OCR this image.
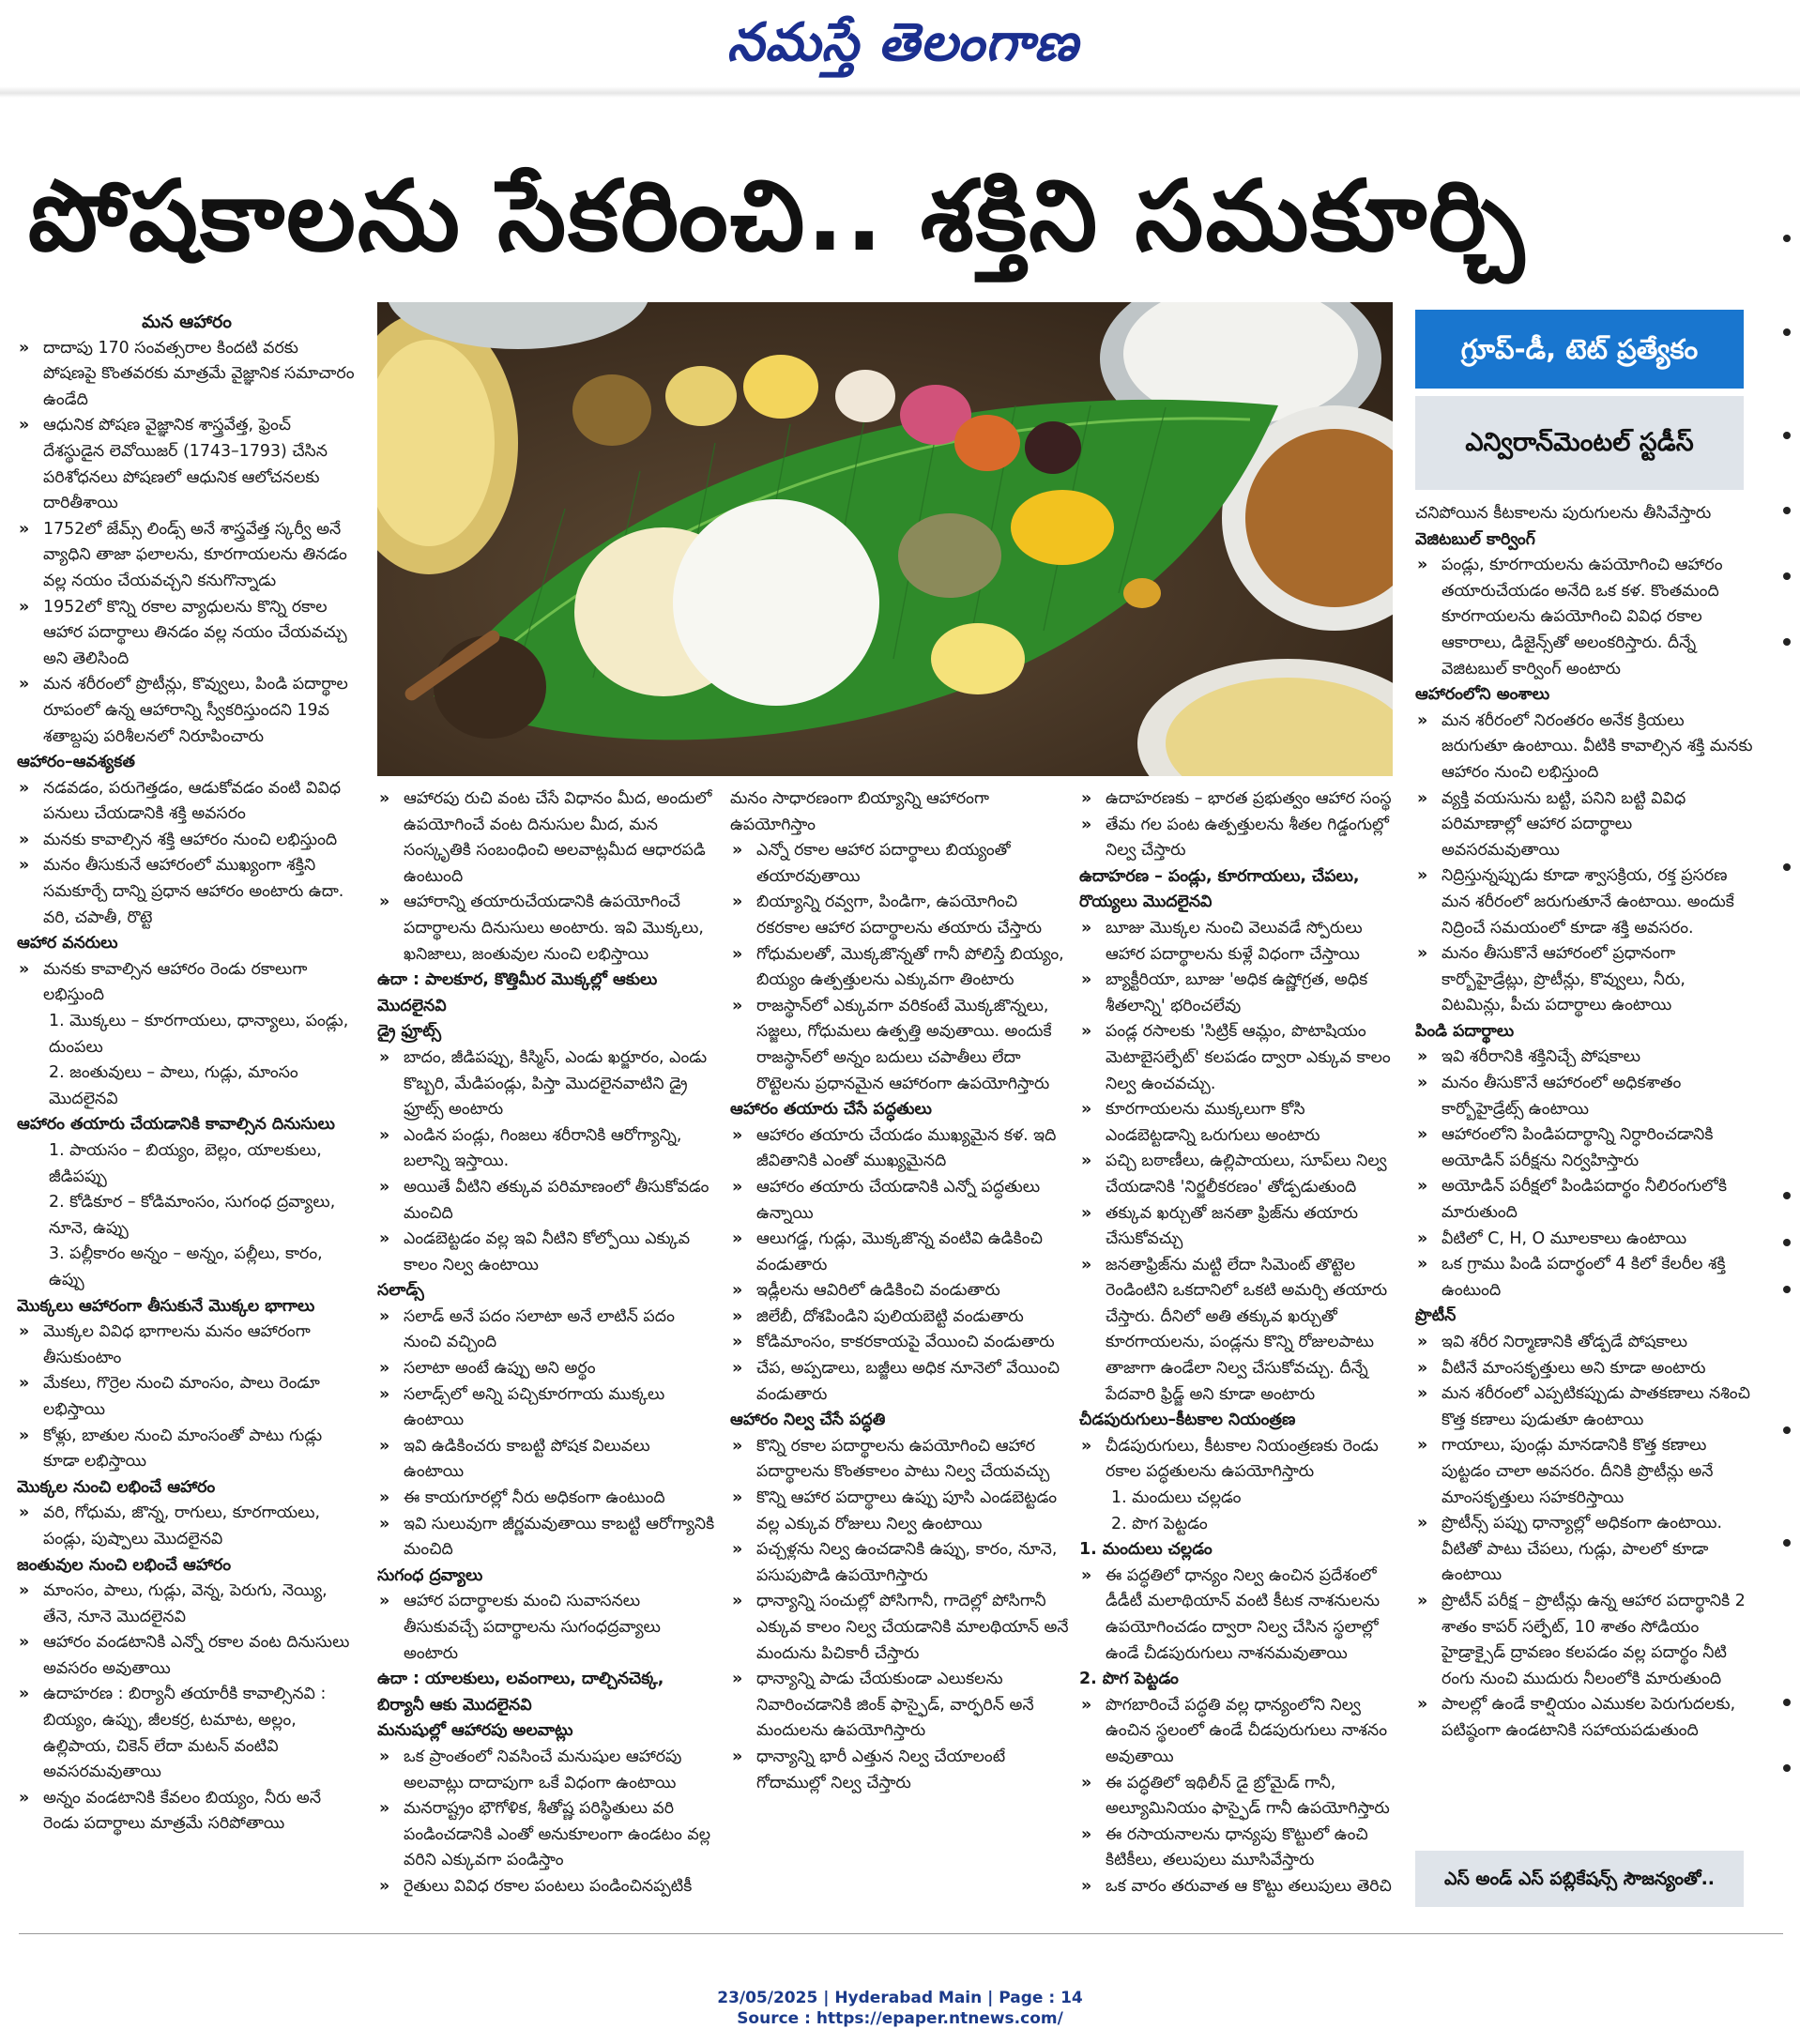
నమస్తే తెలంగాణ
పోషకాలను సేకరించి.. శక్తిని సమకూర్చి
గ్రూప్‌-డీ, టెట్‌ ప్రత్యేకం
ఎన్విరాన్‌మెంటల్‌ స్టడీస్‌

మన ఆహారం

» దాదాపు 170 సంవత్సరాల కిందటి వరకు పోషణపై కొంతవరకు మాత్రమే వైజ్ఞానిక సమాచారం ఉండేది

» ఆధునిక పోషణ వైజ్ఞానిక శాస్త్రవేత్త, ఫ్రెంచ్‌ దేశస్థుడైన లెవోయిజర్‌ (1743–1793) చేసిన పరిశోధనలు పోషణలో ఆధునిక ఆలోచనలకు దారితీశాయి

» 1752లో జేమ్స్‌ లిండ్స్‌ అనే శాస్త్రవేత్త స్కర్వీ అనే వ్యాధిని తాజా ఫలాలను, కూరగాయలను తినడం వల్ల నయం చేయవచ్చని కనుగొన్నాడు

» 1952లో కొన్ని రకాల వ్యాధులను కొన్ని రకాల ఆహార పదార్థాలు తినడం వల్ల నయం చేయవచ్చు అని తెలిసింది

» మన శరీరంలో ప్రొటీన్లు, కొవ్వులు, పిండి పదార్థాల రూపంలో ఉన్న ఆహారాన్ని స్వీకరిస్తుందని 19వ శతాబ్దపు పరిశీలనలో నిరూపించారు

ఆహారం–ఆవశ్యకత

» నడవడం, పరుగెత్తడం, ఆడుకోవడం వంటి వివిధ పనులు చేయడానికి శక్తి అవసరం

» మనకు కావాల్సిన శక్తి ఆహారం నుంచి లభిస్తుంది

» మనం తీసుకునే ఆహారంలో ముఖ్యంగా శక్తిని సమకూర్చే దాన్ని ప్రధాన ఆహారం అంటారు ఉదా. వరి, చపాతీ, రొట్టె

ఆహార వనరులు

» మనకు కావాల్సిన ఆహారం రెండు రకాలుగా లభిస్తుంది

1. మొక్కలు – కూరగాయలు, ధాన్యాలు, పండ్లు, దుంపలు

2. జంతువులు – పాలు, గుడ్లు, మాంసం మొదలైనవి

ఆహారం తయారు చేయడానికి కావాల్సిన దినుసులు

1. పాయసం – బియ్యం, బెల్లం, యాలకులు, జీడిపప్పు

2. కోడికూర – కోడిమాంసం, సుగంధ ద్రవ్యాలు, నూనె, ఉప్పు

3. పల్లీకారం అన్నం – అన్నం, పల్లీలు, కారం, ఉప్పు

మొక్కలు ఆహారంగా తీసుకునే మొక్కల భాగాలు

» మొక్కల వివిధ భాగాలను మనం ఆహారంగా తీసుకుంటాం

» మేకలు, గొర్రెల నుంచి మాంసం, పాలు రెండూ లభిస్తాయి

» కోళ్లు, బాతుల నుంచి మాంసంతో పాటు గుడ్లు కూడా లభిస్తాయి

మొక్కల నుంచి లభించే ఆహారం

» వరి, గోధుమ, జొన్న, రాగులు, కూరగాయలు, పండ్లు, పుష్పాలు మొదలైనవి

జంతువుల నుంచి లభించే ఆహారం

» మాంసం, పాలు, గుడ్లు, వెన్న, పెరుగు, నెయ్యి, తేనె, నూనె మొదలైనవి

» ఆహారం వండటానికి ఎన్నో రకాల వంట దినుసులు అవసరం అవుతాయి

» ఉదాహరణ : బిర్యానీ తయారీకి కావాల్సినవి : బియ్యం, ఉప్పు, జీలకర్ర, టమాట, అల్లం, ఉల్లిపాయ, చికెన్‌ లేదా మటన్‌ వంటివి అవసరమవుతాయి

» అన్నం వండటానికి కేవలం బియ్యం, నీరు అనే రెండు పదార్థాలు మాత్రమే సరిపోతాయి

» ఆహారపు రుచి వంట చేసే విధానం మీద, అందులో ఉపయోగించే వంట దినుసుల మీద, మన సంస్కృతికి సంబంధించి అలవాట్లమీద ఆధారపడి ఉంటుంది

» ఆహారాన్ని తయారుచేయడానికి ఉపయోగించే పదార్థాలను దినుసులు అంటారు. ఇవి మొక్కలు, ఖనిజాలు, జంతువుల నుంచి లభిస్తాయి

ఉదా : పాలకూర, కొత్తిమీర మొక్కల్లో ఆకులు మొదలైనవి

డ్రై ఫ్రూట్స్‌

» బాదం, జీడిపప్పు, కిస్మిస్‌, ఎండు ఖర్జూరం, ఎండు కొబ్బరి, మేడిపండ్లు, పిస్తా మొదలైనవాటిని డ్రై ఫ్రూట్స్‌ అంటారు

» ఎండిన పండ్లు, గింజలు శరీరానికి ఆరోగ్యాన్ని, బలాన్ని ఇస్తాయి.

» అయితే వీటిని తక్కువ పరిమాణంలో తీసుకోవడం మంచిది

» ఎండబెట్టడం వల్ల ఇవి నీటిని కోల్పోయి ఎక్కువ కాలం నిల్వ ఉంటాయి

సలాడ్స్‌

» సలాడ్‌ అనే పదం సలాటా అనే లాటిన్‌ పదం నుంచి వచ్చింది

» సలాటా అంటే ఉప్పు అని అర్థం

» సలాడ్స్‌లో అన్ని పచ్చికూరగాయ ముక్కలు ఉంటాయి

» ఇవి ఉడికించరు కాబట్టి పోషక విలువలు ఉంటాయి

» ఈ కాయగూరల్లో నీరు అధికంగా ఉంటుంది

» ఇవి సులువుగా జీర్ణమవుతాయి కాబట్టి ఆరోగ్యానికి మంచిది

సుగంధ ద్రవ్యాలు

» ఆహార పదార్థాలకు మంచి సువాసనలు తీసుకువచ్చే పదార్థాలను సుగంధద్రవ్యాలు అంటారు

ఉదా : యాలకులు, లవంగాలు, దాల్చిన‌చెక్క, బిర్యానీ ఆకు మొదలైనవి

మనుషుల్లో ఆహారపు అలవాట్లు

» ఒక ప్రాంతంలో నివసించే మనుషుల ఆహారపు అలవాట్లు దాదాపుగా ఒకే విధంగా ఉంటాయి

» మనరాష్ట్రం భౌగోళిక, శీతోష్ణ పరిస్థితులు వరి పండించడానికి ఎంతో అనుకూలంగా ఉండటం వల్ల వరిని ఎక్కువగా పండిస్తాం

» రైతులు వివిధ రకాల పంటలు పండించినప్పటికీ

మనం సాధారణంగా బియ్యాన్ని ఆహారంగా ఉపయోగిస్తాం

» ఎన్నో రకాల ఆహార పదార్థాలు బియ్యంతో తయారవుతాయి

» బియ్యాన్ని రవ్వగా, పిండిగా, ఉపయోగించి రకరకాల ఆహార పదార్థాలను తయారు చేస్తారు

» గోధుమలతో, మొక్కజొన్నతో గానీ పోలిస్తే బియ్యం, బియ్యం ఉత్పత్తులను ఎక్కువగా తింటారు

» రాజస్థాన్‌లో ఎక్కువగా వరికంటే మొక్కజొన్నలు, సజ్జలు, గోధుమలు ఉత్పత్తి అవుతాయి. అందుకే రాజస్థాన్‌లో అన్నం బదులు చపాతీలు లేదా రొట్టెలను ప్రధానమైన ఆహారంగా ఉపయోగిస్తారు

ఆహారం తయారు చేసే పద్ధతులు

» ఆహారం తయారు చేయడం ముఖ్యమైన కళ. ఇది జీవితానికి ఎంతో ముఖ్యమైనది

» ఆహారం తయారు చేయడానికి ఎన్నో పద్ధతులు ఉన్నాయి

» ఆలుగడ్డ, గుడ్లు, మొక్కజొన్న వంటివి ఉడికించి వండుతారు

» ఇడ్లీలను ఆవిరిలో ఉడికించి వండుతారు

» జిలేబీ, దోశపిండిని పులియబెట్టి వండుతారు

» కోడిమాంసం, కాకరకాయపై వేయించి వండుతారు

» చేప, అప్పడాలు, బజ్జీలు అధిక నూనెలో వేయించి వండుతారు

ఆహారం నిల్వ చేసే పద్ధతి

» కొన్ని రకాల పదార్థాలను ఉపయోగించి ఆహార పదార్థాలను కొంతకాలం పాటు నిల్వ చేయవచ్చు

» కొన్ని ఆహార పదార్థాలు ఉప్పు పూసి ఎండబెట్టడం వల్ల ఎక్కువ రోజులు నిల్వ ఉంటాయి

» పచ్చళ్లను నిల్వ ఉంచడానికి ఉప్పు, కారం, నూనె, పసుపుపొడి ఉపయోగిస్తారు

» ధాన్యాన్ని సంచుల్లో పోసిగానీ, గాదెల్లో పోసిగానీ ఎక్కువ కాలం నిల్వ చేయడానికి మాలథియాన్‌ అనే మందును పిచికారీ చేస్తారు

» ధాన్యాన్ని పాడు చేయకుండా ఎలుకలను నివారించడానికి జింక్‌ ఫాస్ఫైడ్‌, వార్ఫరిన్‌ అనే మందులను ఉపయోగిస్తారు

» ధాన్యాన్ని భారీ ఎత్తున నిల్వ చేయాలంటే గోదాముల్లో నిల్వ చేస్తారు

» ఉదాహరణకు – భారత ప్రభుత్వం ఆహార సంస్థ

» తేమ గల పంట ఉత్పత్తులను శీతల గిడ్డంగుల్లో నిల్వ చేస్తారు

ఉదాహరణ – పండ్లు, కూరగాయలు, చేపలు, రొయ్యలు మొదలైనవి

» బూజు మొక్కల నుంచి వెలువడే స్పోరులు ఆహార పదార్థాలను కుళ్లే విధంగా చేస్తాయి

» బ్యాక్టీరియా, బూజు 'అధిక ఉష్ణోగ్రత, అధిక శీతలాన్ని' భరించలేవు

» పండ్ల రసాలకు 'సిట్రిక్‌ ఆమ్లం, పొటాషియం మెటాబైసల్ఫేట్‌' కలపడం ద్వారా ఎక్కువ కాలం నిల్వ ఉంచవచ్చు.

» కూరగాయలను ముక్కలుగా కోసి ఎండబెట్టడాన్ని ఒరుగులు అంటారు

» పచ్చి బఠాణీలు, ఉల్లిపాయలు, సూప్‌లు నిల్వ చేయడానికి 'నిర్జలీకరణం' తోడ్పడుతుంది

» తక్కువ ఖర్చుతో జనతా ఫ్రిజ్‌ను తయారు చేసుకోవచ్చు

» జనతాఫ్రిజ్‌ను మట్టి లేదా సిమెంట్‌ తొట్టెల రెండింటిని ఒకదానిలో ఒకటి అమర్చి తయారు చేస్తారు. దీనిలో అతి తక్కువ ఖర్చుతో కూరగాయలను, పండ్లను కొన్ని రోజులపాటు తాజాగా ఉండేలా నిల్వ చేసుకోవచ్చు. దీన్నే పేదవారి ఫ్రిడ్జ్‌ అని కూడా అంటారు

చీడపురుగులు–కీటకాల నియంత్రణ

» చీడపురుగులు, కీటకాల నియంత్రణకు రెండు రకాల పద్ధతులను ఉపయోగిస్తారు

1. మందులు చల్లడం

2. పొగ పెట్టడం

1. మందులు చల్లడం

» ఈ పద్ధతిలో ధాన్యం నిల్వ ఉంచిన ప్రదేశంలో డీడీటీ మలాథియాన్‌ వంటి కీటక నాశనులను ఉపయోగించడం ద్వారా నిల్వ చేసిన స్థలాల్లో ఉండే చీడపురుగులు నాశనమవుతాయి

2. పొగ పెట్టడం

» పొగబారించే పద్ధతి వల్ల ధాన్యంలోని నిల్వ ఉంచిన స్థలంలో ఉండే చీడపురుగులు నాశనం అవుతాయి

» ఈ పద్ధతిలో ఇథిలీన్‌ డై బ్రోమైడ్‌ గానీ, అల్యూమినియం ఫాస్ఫైడ్‌ గానీ ఉపయోగిస్తారు

» ఈ రసాయనాలను ధాన్యపు కొట్టులో ఉంచి కిటికీలు, తలుపులు మూసివేస్తారు

» ఒక వారం తరువాత ఆ కొట్టు తలుపులు తెరిచి

చనిపోయిన కీటకాలను పురుగులను తీసివేస్తారు

వెజిటబుల్‌ కార్వింగ్‌

» పండ్లు, కూరగాయలను ఉపయోగించి ఆహారం తయారుచేయడం అనేది ఒక కళ. కొంతమంది కూరగాయలను ఉపయోగించి వివిధ రకాల ఆకారాలు, డిజైన్స్‌తో అలంకరిస్తారు. దీన్నే వెజిటబుల్‌ కార్వింగ్‌ అంటారు

ఆహారంలోని అంశాలు

» మన శరీరంలో నిరంతరం అనేక క్రియలు జరుగుతూ ఉంటాయి. వీటికి కావాల్సిన శక్తి మనకు ఆహారం నుంచి లభిస్తుంది

» వ్యక్తి వయసును బట్టి, పనిని బట్టి వివిధ పరిమాణాల్లో ఆహార పదార్థాలు అవసరమవుతాయి

» నిద్రిస్తున్నప్పుడు కూడా శ్వాసక్రియ, రక్త ప్రసరణ మన శరీరంలో జరుగుతూనే ఉంటాయి. అందుకే నిద్రించే సమయంలో కూడా శక్తి అవసరం.

» మనం తీసుకొనే ఆహారంలో ప్రధానంగా కార్బోహైడ్రేట్లు, ప్రొటీన్లు, కొవ్వులు, నీరు, విటమిన్లు, పీచు పదార్థాలు ఉంటాయి

పిండి పదార్థాలు

» ఇవి శరీరానికి శక్తినిచ్చే పోషకాలు

» మనం తీసుకొనే ఆహారంలో అధికశాతం కార్బోహైడ్రేట్స్‌ ఉంటాయి

» ఆహారంలోని పిండిపదార్థాన్ని నిర్ధారించడానికి అయోడిన్‌ పరీక్షను నిర్వహిస్తారు

» అయోడిన్‌ పరీక్షలో పిండిపదార్థం నీలిరంగులోకి మారుతుంది

» వీటిలో C, H, O మూలకాలు ఉంటాయి

» ఒక గ్రాము పిండి పదార్థంలో 4 కిలో కేలరీల శక్తి ఉంటుంది

ప్రొటీన్‌

» ఇవి శరీర నిర్మాణానికి తోడ్పడే పోషకాలు

» వీటినే మాంసకృత్తులు అని కూడా అంటారు

» మన శరీరంలో ఎప్పటికప్పుడు పాతకణాలు నశించి కొత్త కణాలు పుడుతూ ఉంటాయి

» గాయాలు, పుండ్లు మానడానికి కొత్త కణాలు పుట్టడం చాలా అవసరం. దీనికి ప్రొటీన్లు అనే మాంసకృత్తులు సహకరిస్తాయి

» ప్రొటీన్స్‌ పప్పు ధాన్యాల్లో అధికంగా ఉంటాయి. వీటితో పాటు చేపలు, గుడ్లు, పాలలో కూడా ఉంటాయి

» ప్రొటీన్‌ పరీక్ష – ప్రొటీన్లు ఉన్న ఆహార పదార్థానికి 2 శాతం కాపర్‌ సల్ఫేట్‌, 10 శాతం సోడియం హైడ్రాక్సైడ్‌ ద్రావణం కలపడం వల్ల పదార్థం నీటి రంగు నుంచి ముదురు నీలంలోకి మారుతుంది

» పాలల్లో ఉండే కాల్షియం ఎముకల పెరుగుదలకు, పటిష్ఠంగా ఉండటానికి సహాయపడుతుంది

ఎస్‌ అండ్‌ ఎస్‌ పబ్లికేషన్స్‌ సౌజన్యంతో..
23/05/2025 | Hyderabad Main | Page : 14
Source : https://epaper.ntnews.com/
